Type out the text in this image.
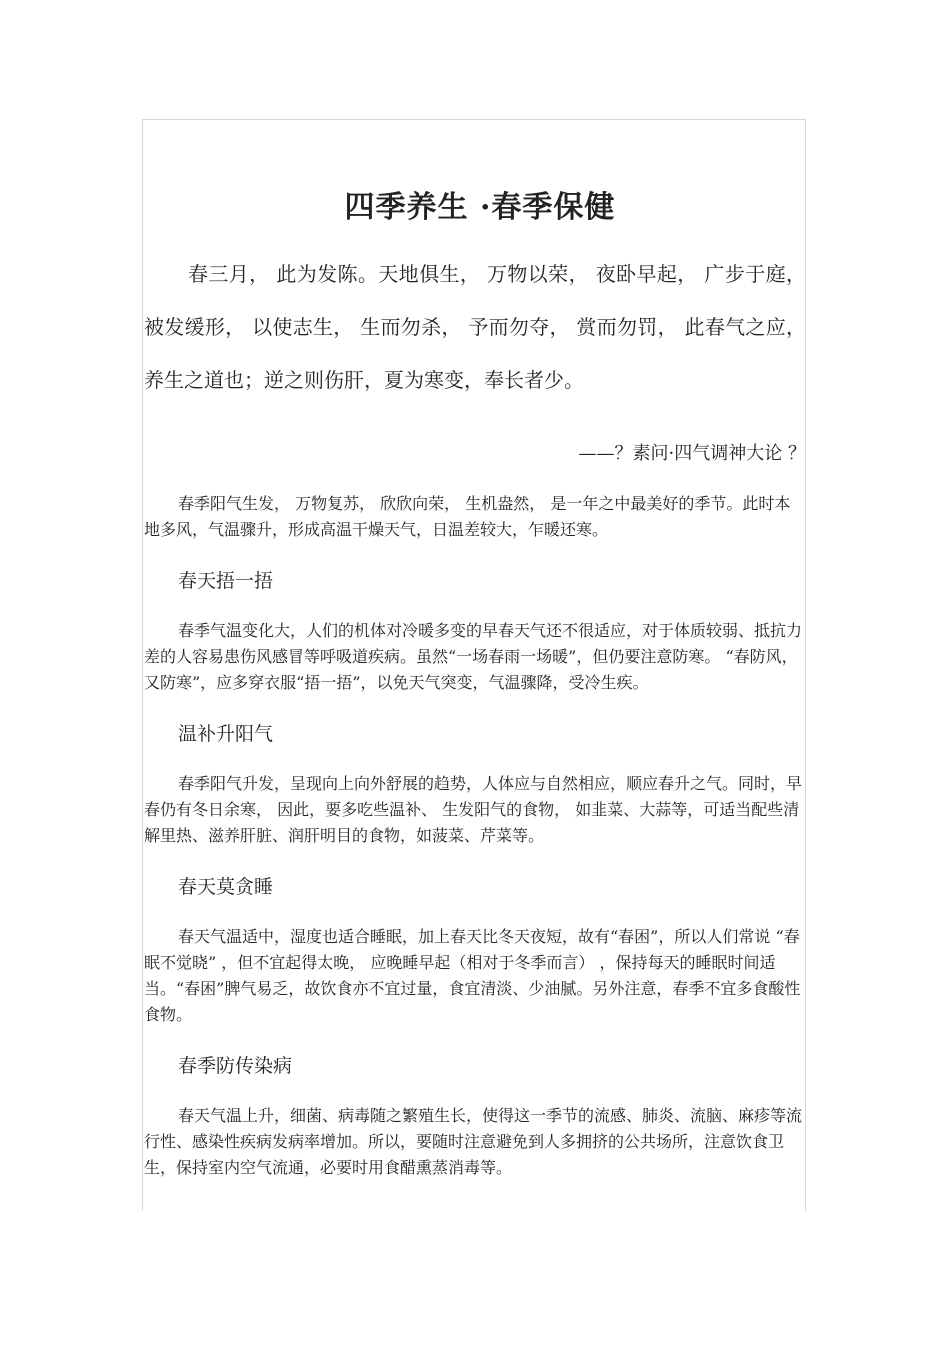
四季养生 ·春季保健

春三月， 此为发陈。天地俱生， 万物以荣， 夜卧早起， 广步于庭，被发缓形， 以使志生， 生而勿杀， 予而勿夺， 赏而勿罚， 此春气之应，养生之道也；逆之则伤肝，夏为寒变，奉长者少。

——？素问·四气调神大论 ？

春季阳气生发， 万物复苏， 欣欣向荣， 生机盎然， 是一年之中最美好的季节。此时本地多风，气温骤升，形成高温干燥天气，日温差较大，乍暖还寒。

春天捂一捂

春季气温变化大，人们的机体对冷暖多变的早春天气还不很适应，对于体质较弱、抵抗力差的人容易患伤风感冒等呼吸道疾病。虽然“一场春雨一场暖”，但仍要注意防寒。 “春防风，又防寒”，应多穿衣服“捂一捂”，以免天气突变，气温骤降，受冷生疾。

温补升阳气

春季阳气升发，呈现向上向外舒展的趋势，人体应与自然相应，顺应春升之气。同时，早春仍有冬日余寒， 因此，要多吃些温补、 生发阳气的食物， 如韭菜、大蒜等，可适当配些清解里热、滋养肝脏、润肝明目的食物，如菠菜、芹菜等。

春天莫贪睡

春天气温适中，湿度也适合睡眠，加上春天比冬天夜短，故有“春困”，所以人们常说 “春眠不觉晓” ，但不宜起得太晚， 应晚睡早起（相对于冬季而言） ，保持每天的睡眠时间适当。“春困”脾气易乏，故饮食亦不宜过量，食宜清淡、少油腻。另外注意，春季不宜多食酸性食物。

春季防传染病

春天气温上升，细菌、病毒随之繁殖生长，使得这一季节的流感、肺炎、流脑、麻疹等流行性、感染性疾病发病率增加。所以，要随时注意避免到人多拥挤的公共场所，注意饮食卫生，保持室内空气流通，必要时用食醋熏蒸消毒等。
